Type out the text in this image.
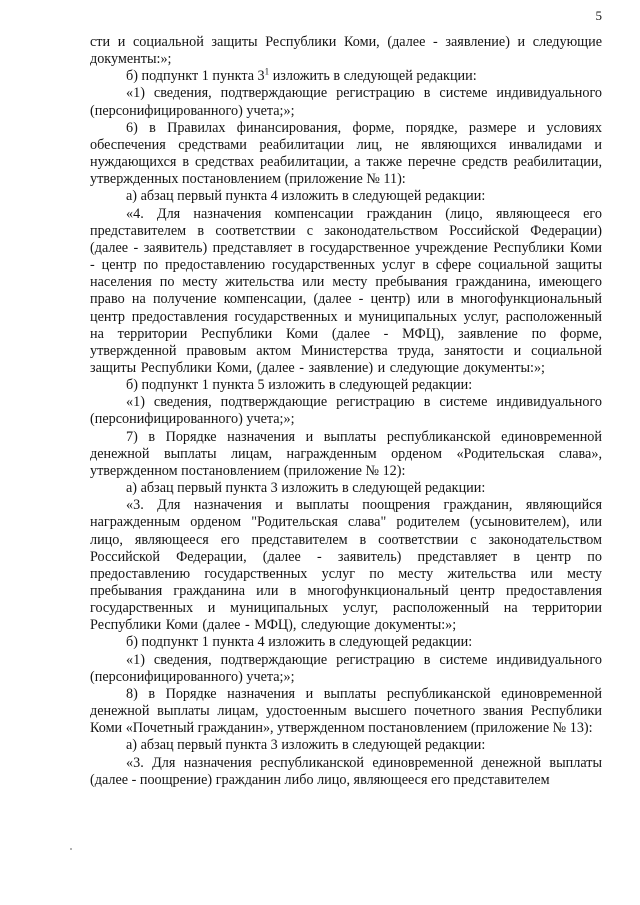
5

сти и социальной защиты Республики Коми, (далее - заявление) и следующие документы:»;

б) подпункт 1 пункта $3^1$ изложить в следующей редакции:

«1) сведения, подтверждающие регистрацию в системе индивидуального (персонифицированного) учета;»;

6) в Правилах финансирования, форме, порядке, размере и условиях обеспечения средствами реабилитации лиц, не являющихся инвалидами и нуждающихся в средствах реабилитации, а также перечне средств реабилитации, утвержденных постановлением (приложение № 11):

а) абзац первый пункта 4 изложить в следующей редакции:

«4. Для назначения компенсации гражданин (лицо, являющееся его представителем в соответствии с законодательством Российской Федерации) (далее - заявитель) представляет в государственное учреждение Республики Коми - центр по предоставлению государственных услуг в сфере социальной защиты населения по месту жительства или месту пребывания гражданина, имеющего право на получение компенсации, (далее - центр) или в многофункциональный центр предоставления государственных и муниципальных услуг, расположенный на территории Республики Коми (далее - МФЦ), заявление по форме, утвержденной правовым актом Министерства труда, занятости и социальной защиты Республики Коми, (далее - заявление) и следующие документы:»;

б) подпункт 1 пункта 5 изложить в следующей редакции:

«1) сведения, подтверждающие регистрацию в системе индивидуального (персонифицированного) учета;»;

7) в Порядке назначения и выплаты республиканской единовременной денежной выплаты лицам, награжденным орденом «Родительская слава», утвержденном постановлением (приложение № 12):

а) абзац первый пункта 3 изложить в следующей редакции:

«3. Для назначения и выплаты поощрения гражданин, являющийся награжденным орденом "Родительская слава" родителем (усыновителем), или лицо, являющееся его представителем в соответствии с законодательством Российской Федерации, (далее - заявитель) представляет в центр по предоставлению государственных услуг по месту жительства или месту пребывания гражданина или в многофункциональный центр предоставления государственных и муниципальных услуг, расположенный на территории Республики Коми (далее - МФЦ), следующие документы:»;

б) подпункт 1 пункта 4 изложить в следующей редакции:

«1) сведения, подтверждающие регистрацию в системе индивидуального (персонифицированного) учета;»;

8) в Порядке назначения и выплаты республиканской единовременной денежной выплаты лицам, удостоенным высшего почетного звания Республики Коми «Почетный гражданин», утвержденном постановлением (приложение № 13):

а) абзац первый пункта 3 изложить в следующей редакции:

«3. Для назначения республиканской единовременной денежной выплаты (далее - поощрение) гражданин либо лицо, являющееся его представителем
